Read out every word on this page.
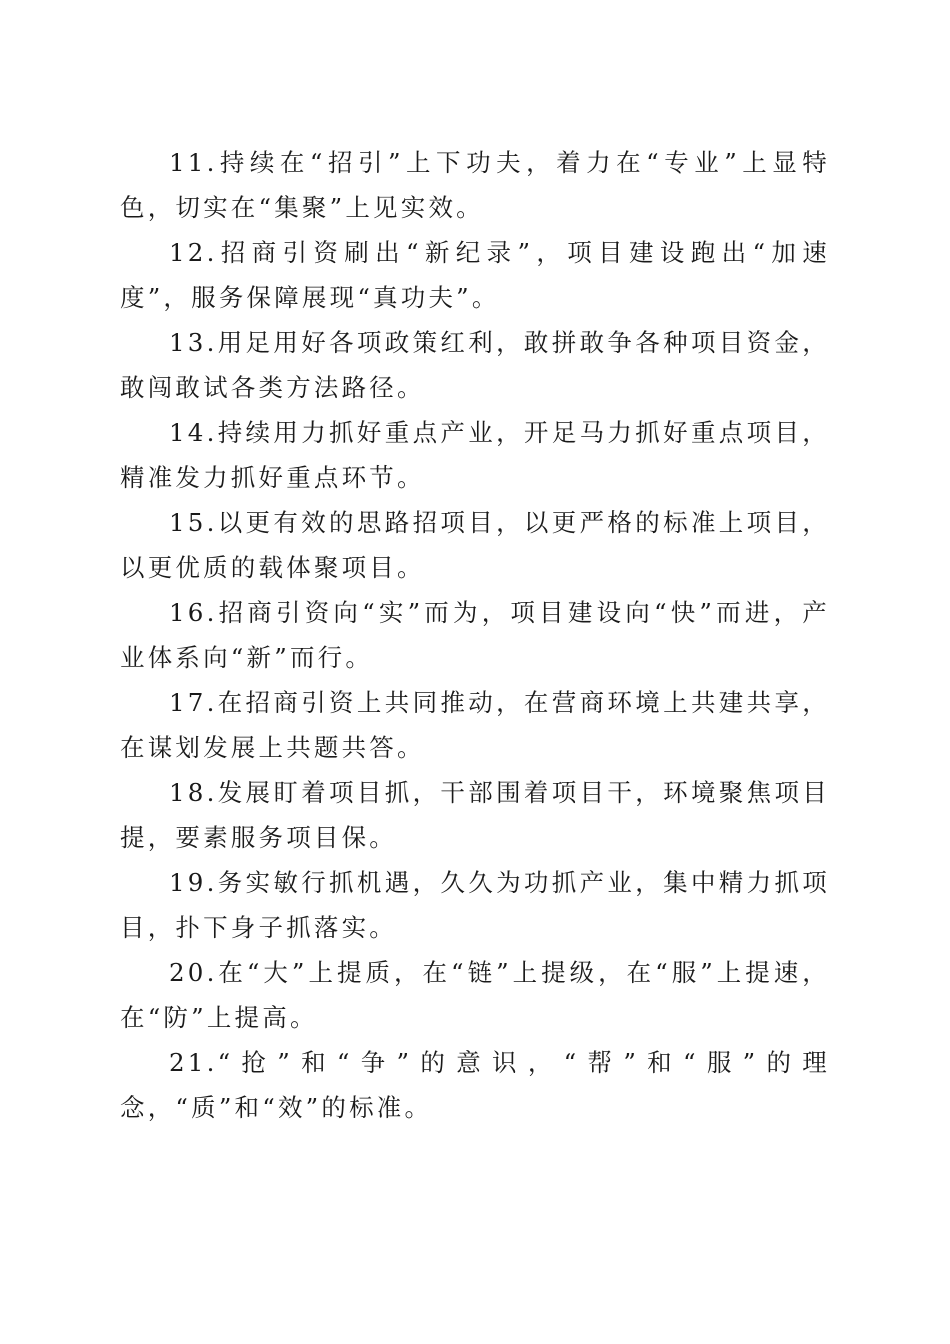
11.持续在“招引”上下功夫，着力在“专业”上显特色，切实在“集聚”上见实效。

12.招商引资刷出“新纪录”，项目建设跑出“加速度”，服务保障展现“真功夫”。

13.用足用好各项政策红利，敢拼敢争各种项目资金，敢闯敢试各类方法路径。

14.持续用力抓好重点产业，开足马力抓好重点项目，精准发力抓好重点环节。

15.以更有效的思路招项目，以更严格的标准上项目，以更优质的载体聚项目。

16.招商引资向“实”而为，项目建设向“快”而进，产业体系向“新”而行。

17.在招商引资上共同推动，在营商环境上共建共享，在谋划发展上共题共答。

18.发展盯着项目抓，干部围着项目干，环境聚焦项目提，要素服务项目保。

19.务实敏行抓机遇，久久为功抓产业，集中精力抓项目，扑下身子抓落实。

20.在“大”上提质，在“链”上提级，在“服”上提速，在“防”上提高。

21.“抢”和“争”的意识，“帮”和“服”的理念，“质”和“效”的标准。
